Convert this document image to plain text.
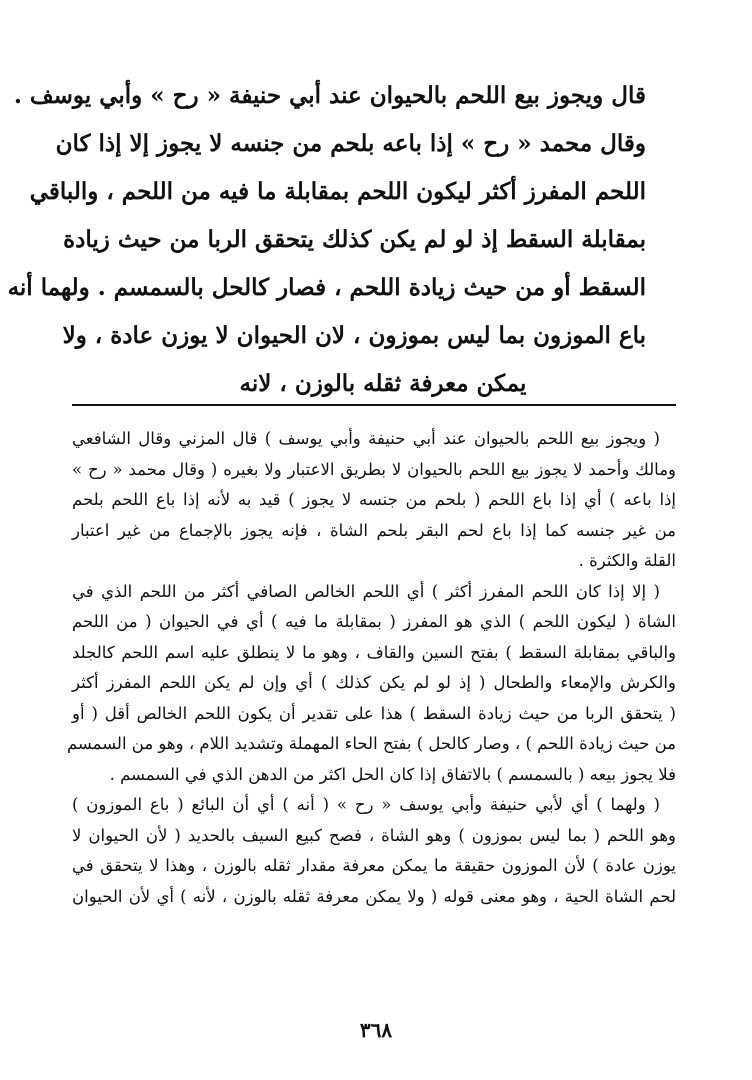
قال ويجوز بيع اللحم بالحيوان عند أبي حنيفة « رح » وأبي يوسف .
وقال محمد « رح » إذا باعه بلحم من جنسه لا يجوز إلا إذا كان
اللحم المفرز أكثر ليكون اللحم بمقابلة ما فيه من اللحم ، والباقي
بمقابلة السقط إذ لو لم يكن كذلك يتحقق الربا من حيث زيادة
السقط أو من حيث زيادة اللحم ، فصار كالحل بالسمسم . ولهما أنه
باع الموزون بما ليس بموزون ، لان الحيوان لا يوزن عادة ، ولا
يمكن معرفة ثقله بالوزن ، لانه
( ويجوز بيع اللحم بالحيوان عند أبي حنيفة وأبي يوسف ) قال المزني وقال الشافعي
ومالك وأحمد لا يجوز بيع اللحم بالحيوان لا بطريق الاعتبار ولا بغيره ( وقال محمد « رح »
إذا باعه ) أي إذا باع اللحم ( بلحم من جنسه لا يجوز ) قيد به لأنه إذا باع اللحم بلحم
من غير جنسه كما إذا باع لحم البقر بلحم الشاة ، فإنه يجوز بالإجماع من غير اعتبار
القلة والكثرة .
( إلا إذا كان اللحم المفرز أكثر ) أي اللحم الخالص الصافي أكثر من اللحم الذي في
الشاة ( ليكون اللحم ) الذي هو المفرز ( بمقابلة ما فيه ) أي في الحيوان ( من اللحم
والباقي بمقابلة السقط ) بفتح السين والقاف ، وهو ما لا ينطلق عليه اسم اللحم كالجلد
والكرش والإمعاء والطحال ( إذ لو لم يكن كذلك ) أي وإن لم يكن اللحم المفرز أكثر
( يتحقق الربا من حيث زيادة السقط ) هذا على تقدير أن يكون اللحم الخالص أقل ( أو
من حيث زيادة اللحم ) ، وصار كالحل ) بفتح الحاء المهملة وتشديد اللام ، وهو من السمسم
فلا يجوز بيعه ( بالسمسم ) بالاتفاق إذا كان الحل اكثر من الدهن الذي في السمسم .
( ولهما ) أي لأبي حنيفة وأبي يوسف « رح » ( أنه ) أي أن البائع ( باع الموزون )
وهو اللحم ( بما ليس بموزون ) وهو الشاة ، فصح كبيع السيف بالحديد ( لأن الحيوان لا
يوزن عادة ) لأن الموزون حقيقة ما يمكن معرفة مقدار ثقله بالوزن ، وهذا لا يتحقق في
لحم الشاة الحية ، وهو معنى قوله ( ولا يمكن معرفة ثقله بالوزن ، لأنه ) أي لأن الحيوان
٣٦٨
